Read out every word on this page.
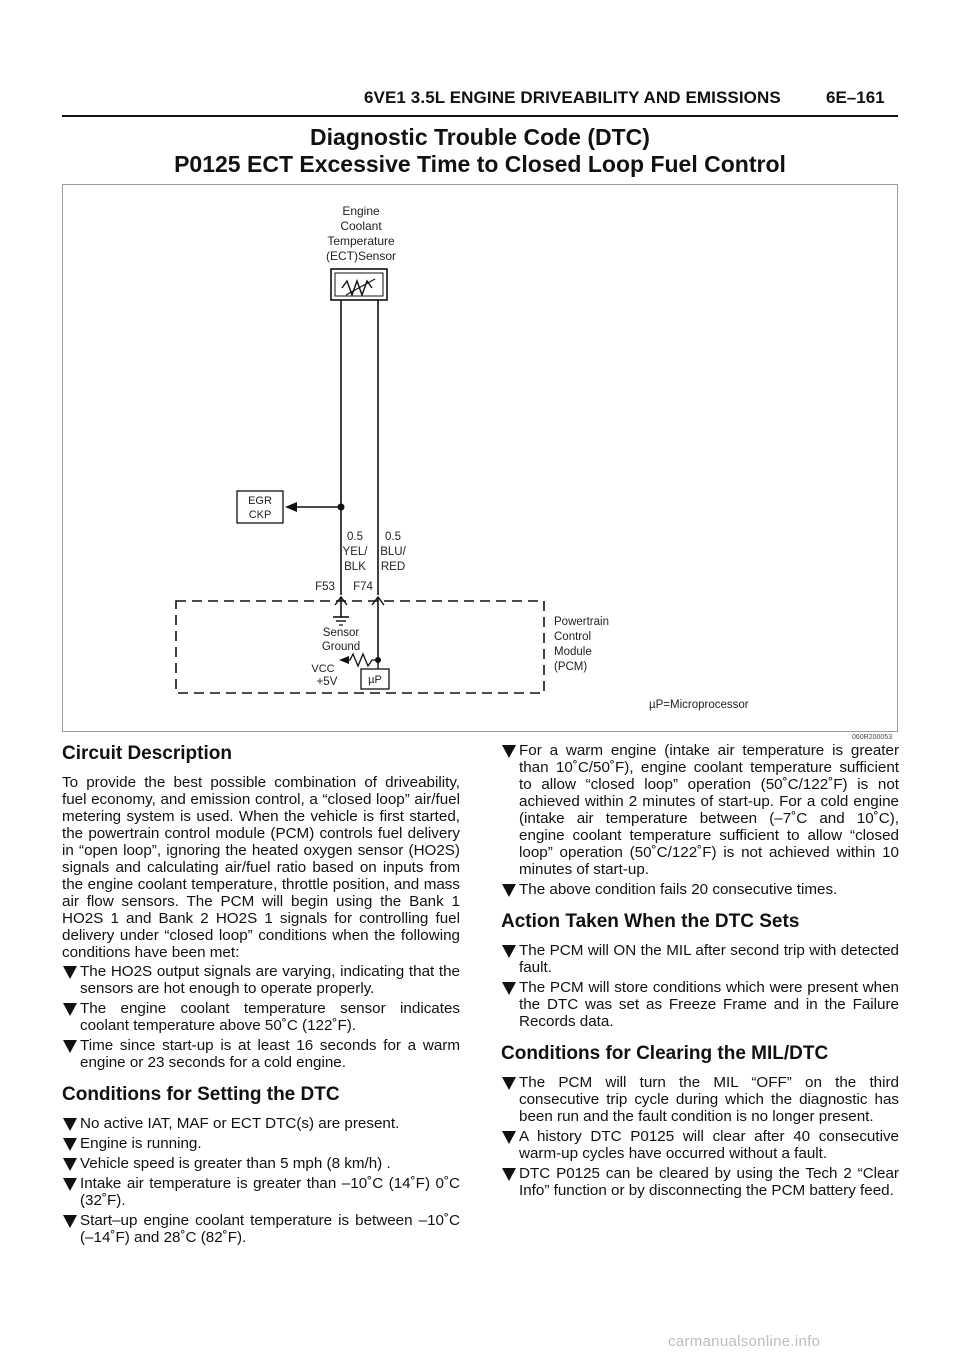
6VE1 3.5L ENGINE DRIVEABILITY AND EMISSIONS	6E–161
Diagnostic Trouble Code (DTC)
P0125 ECT Excessive Time to Closed Loop Fuel Control
Engine
Coolant
Temperature
(ECT)Sensor
EGR
CKP
0.5
YEL/
BLK
0.5
BLU/
RED
F53 F74
Sensor
Ground
VCC
+5V	µP
Powertrain
Control
Module
(PCM)
µP=Microprocessor
060R200053
Circuit Description

To provide the best possible combination of driveability, fuel economy, and emission control, a “closed loop” air/fuel metering system is used. When the vehicle is first started, the powertrain control module (PCM) controls fuel delivery in “open loop”, ignoring the heated oxygen sensor (HO2S) signals and calculating air/fuel ratio based on inputs from the engine coolant temperature, throttle position, and mass air flow sensors. The PCM will begin using the Bank 1 HO2S 1 and Bank 2 HO2S 1 signals for controlling fuel delivery under “closed loop” conditions when the following conditions have been met:

The HO2S output signals are varying, indicating that the sensors are hot enough to operate properly.
The engine coolant temperature sensor indicates coolant temperature above 50˚C (122˚F).
Time since start-up is at least 16 seconds for a warm engine or 23 seconds for a cold engine.
Conditions for Setting the DTC
No active IAT, MAF or ECT DTC(s) are present.
Engine is running.
Vehicle speed is greater than 5 mph (8 km/h) .
Intake air temperature is greater than –10˚C (14˚F) 0˚C (32˚F).
Start–up engine coolant temperature is between –10˚C (–14˚F) and 28˚C (82˚F).
For a warm engine (intake air temperature is greater than 10˚C/50˚F), engine coolant temperature sufficient to allow “closed loop” operation (50˚C/122˚F) is not achieved within 2 minutes of start-up. For a cold engine (intake air temperature between (–7˚C and 10˚C), engine coolant temperature sufficient to allow “closed loop” operation (50˚C/122˚F) is not achieved within 10 minutes of start-up.
The above condition fails 20 consecutive times.
Action Taken When the DTC Sets
The PCM will ON the MIL after second trip with detected fault.
The PCM will store conditions which were present when the DTC was set as Freeze Frame and in the Failure Records data.
Conditions for Clearing the MIL/DTC
The PCM will turn the MIL “OFF” on the third consecutive trip cycle during which the diagnostic has been run and the fault condition is no longer present.
A history DTC P0125 will clear after 40 consecutive warm-up cycles have occurred without a fault.
DTC P0125 can be cleared by using the Tech 2 “Clear Info” function or by disconnecting the PCM battery feed.
carmanualsonline.info
